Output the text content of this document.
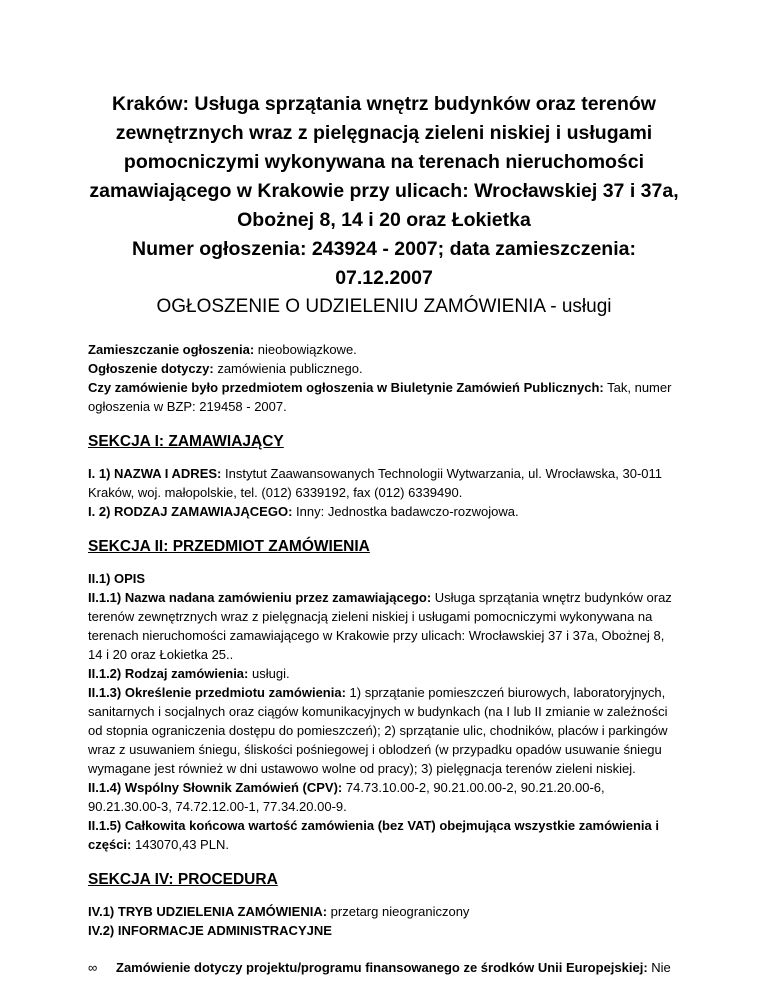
Kraków: Usługa sprzątania wnętrz budynków oraz terenów

zewnętrznych wraz z pielęgnacją zieleni niskiej i usługami

pomocniczymi wykonywana na terenach nieruchomości

zamawiającego w Krakowie przy ulicach: Wrocławskiej 37 i 37a,

Obożnej 8, 14 i 20 oraz Łokietka

Numer ogłoszenia: 243924 - 2007; data zamieszczenia: 07.12.2007

OGŁOSZENIE O UDZIELENIU ZAMÓWIENIA - usługi

Zamieszczanie ogłoszenia: nieobowiązkowe.

Ogłoszenie dotyczy: zamówienia publicznego.

Czy zamówienie było przedmiotem ogłoszenia w Biuletynie Zamówień Publicznych: Tak, numer ogłoszenia w BZP: 219458 - 2007.

SEKCJA I: ZAMAWIAJĄCY

I. 1) NAZWA I ADRES: Instytut Zaawansowanych Technologii Wytwarzania, ul. Wrocławska, 30-011 Kraków, woj. małopolskie, tel. (012) 6339192, fax (012) 6339490.

I. 2) RODZAJ ZAMAWIAJĄCEGO: Inny: Jednostka badawczo-rozwojowa.

SEKCJA II: PRZEDMIOT ZAMÓWIENIA

II.1) OPIS

II.1.1) Nazwa nadana zamówieniu przez zamawiającego: Usługa sprzątania wnętrz budynków oraz terenów zewnętrznych wraz z pielęgnacją zieleni niskiej i usługami pomocniczymi wykonywana na terenach nieruchomości zamawiającego w Krakowie przy ulicach: Wrocławskiej 37 i 37a, Obożnej 8, 14 i 20 oraz Łokietka 25..

II.1.2) Rodzaj zamówienia: usługi.

II.1.3) Określenie przedmiotu zamówienia: 1) sprzątanie pomieszczeń biurowych, laboratoryjnych, sanitarnych i socjalnych oraz ciągów komunikacyjnych w budynkach (na I lub II zmianie w zależności od stopnia ograniczenia dostępu do pomieszczeń); 2) sprzątanie ulic, chodników, placów i parkingów wraz z usuwaniem śniegu, śliskości pośniegowej i oblodzeń (w przypadku opadów usuwanie śniegu wymagane jest również w dni ustawowo wolne od pracy); 3) pielęgnacja terenów zieleni niskiej.

II.1.4) Wspólny Słownik Zamówień (CPV): 74.73.10.00-2, 90.21.00.00-2, 90.21.20.00-6, 90.21.30.00-3, 74.72.12.00-1, 77.34.20.00-9.

II.1.5) Całkowita końcowa wartość zamówienia (bez VAT) obejmująca wszystkie zamówienia i części: 143070,43 PLN.

SEKCJA IV: PROCEDURA

IV.1) TRYB UDZIELENIA ZAMÓWIENIA: przetarg nieograniczony

IV.2) INFORMACJE ADMINISTRACYJNE

∞	Zamówienie dotyczy projektu/programu finansowanego ze środków Unii Europejskiej: Nie
